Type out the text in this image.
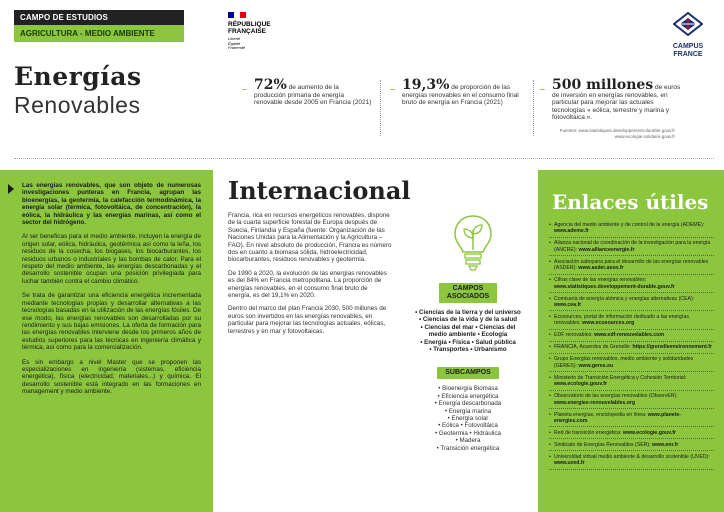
CAMPO DE ESTUDIOS
AGRICULTURA - MEDIO AMBIENTE
Energías
Renovables
RÉPUBLIQUE
FRANÇAISE
Liberté
Égalité
Fraternité	CAMPUS
FRANCE
– 72% de aumento de la producción primaria de energía renovable desde 2005 en Francia (2021)
– 19,3% de proporción de las energías renovables en el consumo final bruto de energía en Francia (2021)
– 500 millones de euros de inversión en energías renovables, en particular para mejorar las actuales tecnologías « eólica, terrestre y marina y fotovoltaica ».
Fuentes: www.statistiques.developpement-durable.gouv.fr
www.ecologie.solidaire.gouv.fr

Las energías renovables, que son objeto de numerosas investigaciones punteras en Francia, agrupan las bioenergías, la geotermia, la calefacción termodinámica, la energía solar (térmica, fotovoltáica, de concentración), la eólica, la hidráulica y las energías marinas, así como el sector del hidrógeno.

Al ser beneficas para el medio ambiente, incluyen la energía de origen solar, eólica, hidráulica, geotérmica así como la leña, los residuos de la cosecha, los biogases, los biocarburantes, los residuos urbanos o industriales y las bombas de calor. Para el respeto del medio ambiente, las energías descarbonadas y el desarrollo sostenible ocupan una posición privilegiada para luchar también contra el cambio climático.

Se trata de garantizar una eficiencia energética incrementada mediante tecnologías propias y desarrollar alternativas a las tecnologías basadas en la utilización de las energías fósiles. De ese modo, las energías renovables son desarrolladas por su rendimiento y sus bajas emisiones. La oferta de formación para las energías renovables interviene desde los primeros años de estudios superiores para las técnicas en ingeniería climática y térmica, así como para la comercialización.

Es sin embargo a nivel Master que se proponen las especializaciones en ingeniería (sistemas, eficiencia energética), física (electricidad, materiales...) y química. El desarrollo sostenible está integrado en las formaciones en management y medio ambiente.

Internacional

Francia, rica en recursos energéticos renovables, dispone de la cuarta superficie forestal de Europa después de Suecia, Finlandia y España (fuente: Organización de las Naciones Unidas para la Alimentación y la Agricultura – FAO). En nivel absoluto de producción, Francia es número dos en cuanto a biomasa sólida, hidroelectricidad, biocarburantes, residuos renovables y geotermia.

De 1990 a 2020, la evolución de las energías renovables es del 84% en Francia metropolitana. La proporción de energías renovables, en el consumo final bruto de energía, es del 19,1% en 2020.

Dentro del marco del plan Francia 2030, 500 millones de euros son invertidos en las energías renovables, en particular para mejorar las tecnologías actuales, eólicas, terrestres y en mar y fotovoltaicas.

CAMPOS
ASOCIADOS
• Ciencias de la tierra y del universo
• Ciencias de la vida y de la salud
• Ciencias del mar • Ciencias del
medio ambiente • Ecología
• Energía • Física • Salud pública
• Transportes • Urbanismo
SUBCAMPOS
• Bioenergía Biomasa
• Eficiencia energética
• Energía descarbonada
• Energía marina
• Energía solar
• Eólica • Fotovoltáica
• Geotermia • Hidráulica
• Madera
• Transición energética
Enlaces útiles
• Agencia del medio ambiente y de control de la energía (ADEME): www.ademe.fr
• Alianza nacional de coordinación de la investigación para la energía (ANCRE): www.allianceenergie.fr
• Asociación saboyana para el desarrollo de las energías renovables (ASDER): www.asder.asso.fr
• Cifras clave de las energías renovables: www.statistiques.developpement-durable.gouv.fr
• Comisaría de energía atómica y energías alternativas (CEA): www.cea.fr
• Ecosources, portal de información dedicado a las energías renovables: www.ecosources.org
• EDF renovables: www.edf-renouvelables.com
• FRANCIA, Acuerdos de Grenelle: https://grenelleenvironnement.fr
• Grupo Energías renovables, medio ambiente y solidaridades (GERES): www.geres.eu
• Ministerio de Transición Energética y Cohesión Territorial: www.ecologie.gouv.fr
• Observatorio de las energías renovables (ObservER): www.energies-renouvelables.org
• Planeta energías, enciclopedia en línea: www.planete-energies.com
• Red de transición energética: www.ecologie.gouv.fr
• Sindicato de Energías Renovables (SER): www.enr.fr
• Universidad virtual medio ambiente & desarrollo sostenible (UVED): www.uved.fr
